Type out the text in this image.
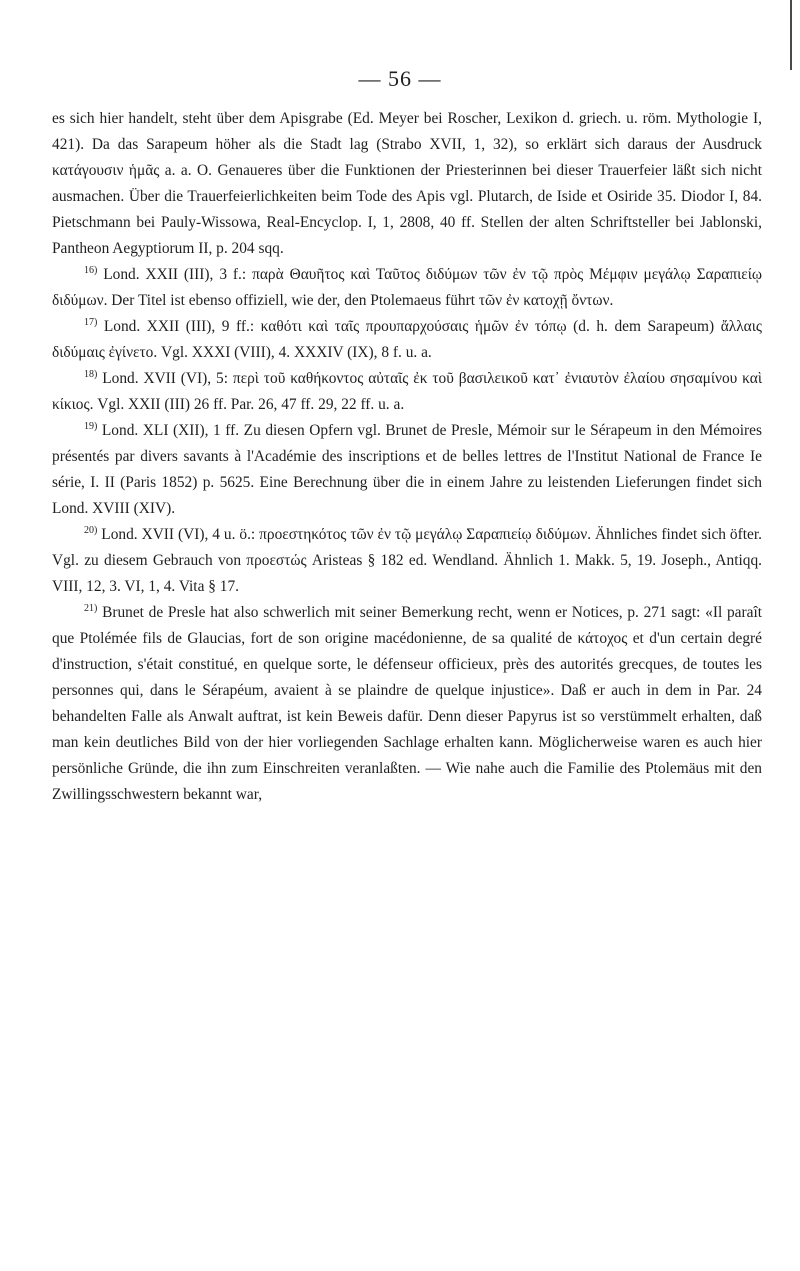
— 56 —

es sich hier handelt, steht über dem Apisgrabe (Ed. Meyer bei Roscher, Lexikon d. griech. u. röm. Mythologie I, 421). Da das Sarapeum höher als die Stadt lag (Strabo XVII, 1, 32), so erklärt sich daraus der Ausdruck κατάγουσιν ἡμᾶς a. a. O. Genaueres über die Funktionen der Priesterinnen bei dieser Trauerfeier läßt sich nicht ausmachen. Über die Trauerfeierlichkeiten beim Tode des Apis vgl. Plutarch, de Iside et Osiride 35. Diodor I, 84. Pietschmann bei Pauly-Wissowa, Real-Encyclop. I, 1, 2808, 40 ff. Stellen der alten Schriftsteller bei Jablonski, Pantheon Aegyptiorum II, p. 204 sqq.

$^{16)}$ Lond. XXII (III), 3 f.: παρὰ Θαυῆτος καὶ Ταῦτος διδύμων τῶν ἐν τῷ πρὸς Μέμφιν μεγάλῳ Σαραπιείῳ διδύμων. Der Titel ist ebenso offiziell, wie der, den Ptolemaeus führt τῶν ἐν κατοχῇ ὄντων.

$^{17)}$ Lond. XXII (III), 9 ff.: καθότι καὶ ταῖς προυπαρχούσαις ἡμῶν ἐν τόπῳ (d. h. dem Sarapeum) ἄλλαις διδύμαις ἐγίνετο. Vgl. XXXI (VIII), 4. XXXIV (IX), 8 f. u. a.

$^{18)}$ Lond. XVII (VI), 5: περὶ τοῦ καθήκοντος αὐταῖς ἐκ τοῦ βασιλεικοῦ κατ᾽ ἐνιαυτὸν ἐλαίου σησαμίνου καὶ κίκιος. Vgl. XXII (III) 26 ff. Par. 26, 47 ff. 29, 22 ff. u. a.

$^{19)}$ Lond. XLI (XII), 1 ff. Zu diesen Opfern vgl. Brunet de Presle, Mémoir sur le Sérapeum in den Mémoires présentés par divers savants à l'Académie des inscriptions et de belles lettres de l'Institut National de France Ie série, I. II (Paris 1852) p. 5625. Eine Berechnung über die in einem Jahre zu leistenden Lieferungen findet sich Lond. XVIII (XIV).

$^{20)}$ Lond. XVII (VI), 4 u. ö.: προεστηκότος τῶν ἐν τῷ μεγάλῳ Σαραπιείῳ διδύμων. Ähnliches findet sich öfter. Vgl. zu diesem Gebrauch von προεστώς Aristeas § 182 ed. Wendland. Ähnlich 1. Makk. 5, 19. Joseph., Antiqq. VIII, 12, 3. VI, 1, 4. Vita § 17.

$^{21)}$ Brunet de Presle hat also schwerlich mit seiner Bemerkung recht, wenn er Notices, p. 271 sagt: «Il paraît que Ptolémée fils de Glaucias, fort de son origine macédonienne, de sa qualité de κάτοχος et d'un certain degré d'instruction, s'était constitué, en quelque sorte, le défenseur officieux, près des autorités grecques, de toutes les personnes qui, dans le Sérapéum, avaient à se plaindre de quelque injustice». Daß er auch in dem in Par. 24 behandelten Falle als Anwalt auftrat, ist kein Beweis dafür. Denn dieser Papyrus ist so verstümmelt erhalten, daß man kein deutliches Bild von der hier vorliegenden Sachlage erhalten kann. Möglicherweise waren es auch hier persönliche Gründe, die ihn zum Einschreiten veranlaßten. — Wie nahe auch die Familie des Ptolemäus mit den Zwillingsschwestern bekannt war,
